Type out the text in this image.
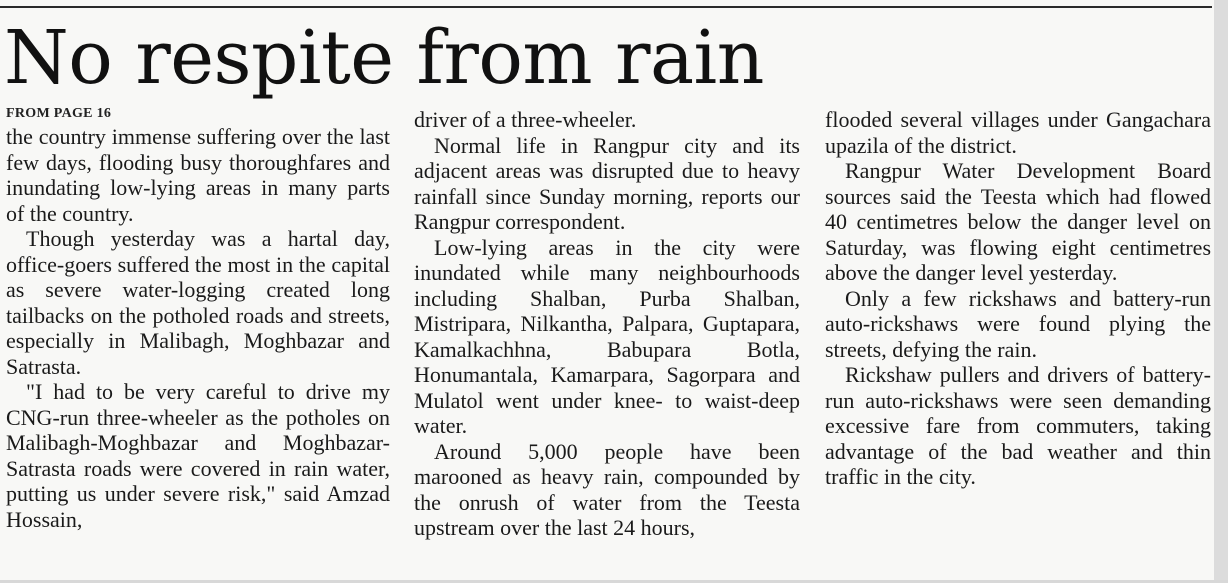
No respite from rain
FROM PAGE 16

the country immense suffering over the last few days, flooding busy thoroughfares and inundating low-lying areas in many parts of the country.

Though yesterday was a hartal day, office-goers suffered the most in the capital as severe water-logging created long tailbacks on the potholed roads and streets, especially in Malibagh, Moghbazar and Satrasta.

"I had to be very careful to drive my CNG-run three-wheeler as the potholes on Malibagh-Moghbazar and Moghbazar-Satrasta roads were covered in rain water, putting us under severe risk," said Amzad Hossain,

driver of a three-wheeler.

Normal life in Rangpur city and its adjacent areas was disrupted due to heavy rainfall since Sunday morning, reports our Rangpur correspondent.

Low-lying areas in the city were inundated while many neighbourhoods including Shalban, Purba Shalban, Mistripara, Nilkantha, Palpara, Guptapara, Kamalkachhna, Babupara Botla, Honumantala, Kamarpara, Sagorpara and Mulatol went under knee- to waist-deep water.

Around 5,000 people have been marooned as heavy rain, compounded by the onrush of water from the Teesta upstream over the last 24 hours,

flooded several villages under Gangachara upazila of the district.

Rangpur Water Development Board sources said the Teesta which had flowed 40 centimetres below the danger level on Saturday, was flowing eight centimetres above the danger level yesterday.

Only a few rickshaws and battery-run auto-rickshaws were found plying the streets, defying the rain.

Rickshaw pullers and drivers of battery-run auto-rickshaws were seen demanding excessive fare from commuters, taking advantage of the bad weather and thin traffic in the city.
